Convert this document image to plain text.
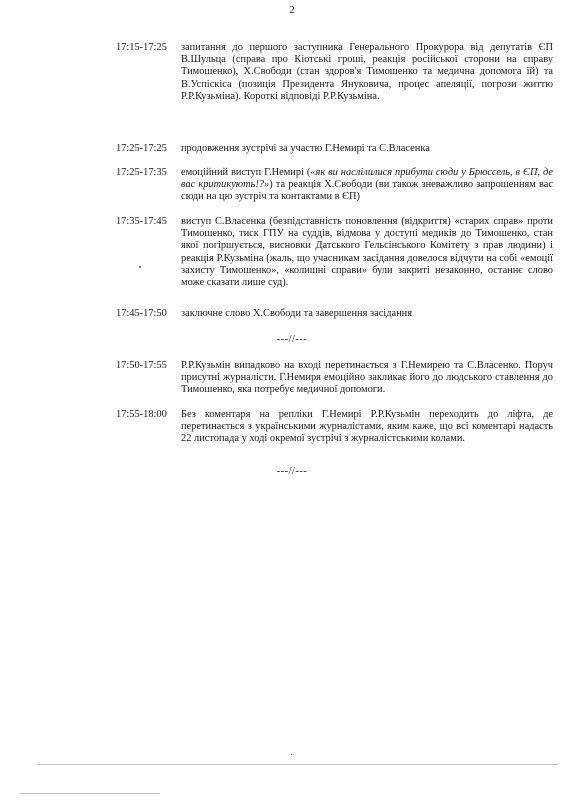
2
17:15-17:25	запитання до першого заступника Генерального Прокурора від депутатів ЄП В.Шульца (справа про Кіотські гроші, реакція російської сторони на справу Тимошенко), Х.Свободи (стан здоров'я Тимошенко та медична допомога їй) та В.Успіскіса (позиція Президента Януковича, процес апеляції, погрози життю Р.Р.Кузьміна). Короткі відповіді Р.Р.Кузьміна.
17:25-17:25	продовження зустрічі за участю Г.Немирі та С.Власенка
17:25-17:35	емоційний виступ Г.Немирі («як ви наслілилися прибути сюди у Брюссель, в ЄП, де вас критикують!?») та реакція Х.Свободи (ви також зневажливо запрошенням вас сюди на цю зустріч та контактами в ЄП)
17:35-17:45	виступ С.Власенка (безпідставність поновлення (відкриття) «старих справ» проти Тимошенко, тиск ГПУ на суддів, відмова у доступі медиків до Тимошенко, стан якої погіршується, висновки Датського Гельсінського Комітету з прав людини) і реакція Р.Кузьміна (жаль, що учасникам засідання довелося відчути на собі «емоції захисту Тимошенко», «колишні справи» були закриті незаконно, останнє слово може сказати лише суд).
17:45-17:50	заключне слово Х.Свободи та завершення засідання
---//---
17:50-17:55	Р.Р.Кузьмін випадково на вході перетинається з Г.Немирею та С.Власенко. Поруч присутні журналісти. Г.Немиря емоційно закликає його до людського ставлення до Тимошенко, яка потребує медичної допомоги.
17:55-18:00	Без коментаря на репліки Г.Немирі Р.Р.Кузьмін переходить до ліфта, де перетинається з українськими журналістами, яким каже, що всі коментарі надасть 22 листопада у ході окремої зустрічі з журналістськими колами.
---//---
